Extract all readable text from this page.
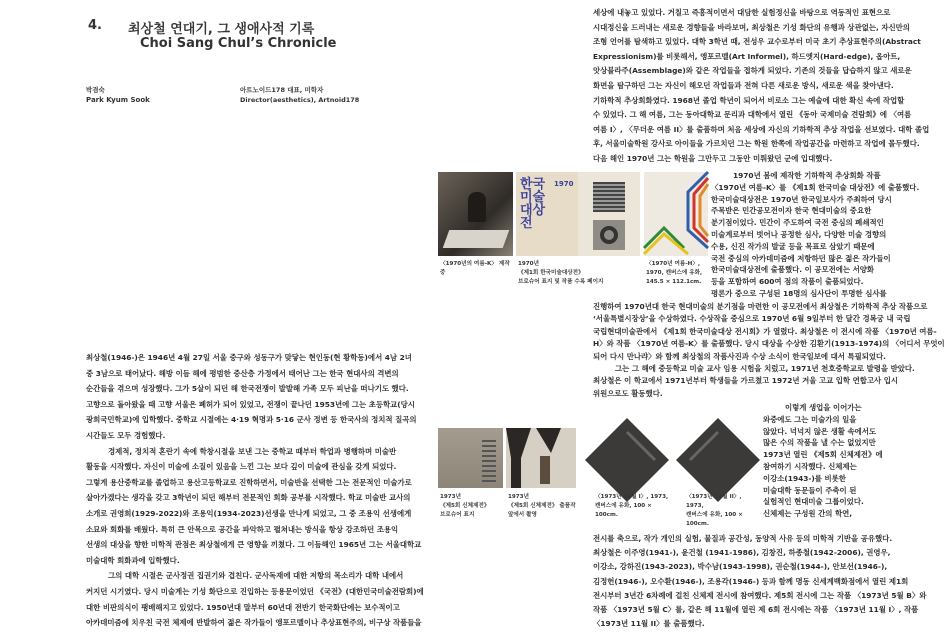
4. 최상철 연대기, 그 생애사적 기록
Choi Sang Chul’s Chronicle
박겸숙
Park Kyum Sook
아트노이드178 대표, 미학자
Director(aesthetics), Artnoid178
최상철(1946-)은 1946년 4월 27일 서울 중구와 성동구가 맞닿는 현인동(현 황학동)에서 4남 2녀
중 3남으로 태어났다. 해방 이듬 해에 평범한 중산층 가정에서 태어난 그는 한국 현대사의 격변의
순간들을 겪으며 성장했다. 그가 5살이 되던 해 한국전쟁이 발발해 가족 모두 피난을 떠나기도 했다.
고향으로 돌아왔을 때 고향 서울은 폐허가 되어 있었고, 전쟁이 끝나던 1953년에 그는 초등학교(당시
광희국민학교)에 입학했다. 중학교 시절에는 4·19 혁명과 5·16 군사 정변 등 한국사의 정치적 질곡의
시간들도 모두 경험했다.
경제적, 정치적 혼란기 속에 학창시절을 보낸 그는 중학교 때부터 학업과 병행하며 미술반
활동을 시작했다. 자신이 미술에 소질이 있음을 느낀 그는 보다 깊이 미술에 관심을 갖게 되었다.
그렇게 용산중학교를 졸업하고 용산고등학교로 진학하면서, 미술반을 선택한 그는 전문적인 미술가로
살아가겠다는 생각을 갖고 3학년이 되던 해부터 전문적인 회화 공부를 시작했다. 학교 미술반 교사의
소개로 권영희(1929-2022)와 조용익(1934-2023)선생을 만나게 되었고, 그 중 조용익 선생에게
소묘와 회화를 배웠다. 특히 큰 안목으로 공간을 파악하고 펼쳐내는 방식을 항상 강조하던 조용익
선생의 대상을 향한 미학적 관점은 최상철에게 큰 영향을 끼쳤다. 그 이듬해인 1965년 그는 서울대학교
미술대학 회화과에 입학했다.
그의 대학 시절은 군사정권 집권기와 겹친다. 군사독재에 대한 저항의 목소리가 대학 내에서
커지던 시기였다. 당시 미술계는 기성 화단으로 진입하는 등용문이었던 《국전》(대한민국미술전람회)에
대한 비판의식이 팽배해지고 있었다. 1950년대 말부터 60년대 전반기 한국화단에는 보수적이고
아카데미즘에 치우친 국전 체제에 반발하여 젊은 작가들이 앵포르멜이나 추상표현주의, 비구상 작품들을
세상에 내놓고 있었다. 거칠고 즉흥적이면서 대담한 실험정신을 바탕으로 역동적인 표현으로
시대정신을 드러내는 새로운 경향들을 바라보며, 최상철은 기성 화단의 유행과 상관없는, 자신만의
조형 언어를 탐색하고 있었다. 대학 3학년 때, 전성우 교수로부터 미국 초기 추상표현주의(Abstract
Expressionism)를 비롯해서, 앵포르멜(Art Informel), 하드엣지(Hard-edge), 옵아트,
앗상블라주(Assemblage)와 같은 작업들을 접하게 되었다. 기존의 것들을 답습하지 않고 새로운
화면을 탐구하던 그는 자신이 해오던 작업들과 전혀 다른 새로운 방식, 새로운 색을 찾아낸다.
기하학적 추상회화였다. 1968년 졸업 학년이 되어서 비로소 그는 예술에 대한 확신 속에 작업할
수 있었다. 그 해 여름, 그는 동아대학교 문리과 대학에서 열린 《동아 국제미술 견람회》에 〈여름
여름 I〉, 〈무더운 여름 II〉를 출품하며 처음 세상에 자신의 기하학적 추상 작업을 선보였다. 대학 졸업
후, 서울미술학원 강사로 아이들을 가르치던 그는 학원 한쪽에 작업공간을 마련하고 작업에 몰두했다.
다음 해인 1970년 그는 학원을 그만두고 그동안 미뤄왔던 군에 입대했다.
1970년 봄에 제작한 기하학적 추상회화 작품
〈1970년 여름-K〉를 《제1회 한국미술 대상전》에 출품했다.
한국미술대상전은 1970년 한국일보사가 주최하여 당시
주목받은 민간공모전이자 한국 현대미술의 중요한
분기점이었다. 민간이 주도하여 국전 중심의 폐쇄적인
미술계로부터 벗어나 공정한 심사, 다양한 미술 경향의
수용, 신진 작가의 발굴 등을 목표로 삼았기 때문에
국전 중심의 아카데미즘에 저항하던 많은 젊은 작가들이
한국미술대상전에 출품했다. 이 공모전에는 서양화
등을 포함하여 600여 점의 작품이 출품되었다.
평론가 중으로 구성된 18명의 심사단이 투명한 심사를
진행하여 1970년대 한국 현대미술의 분기점을 마련한 이 공모전에서 최상철은 기하학적 추상 작품으로
‘서울특별시장상’을 수상하였다. 수상작을 중심으로 1970년 6월 9일부터 한 달간 경복궁 내 국립
국립현대미술관에서 《제1회 한국미술대상 전시회》가 열렸다. 최상철은 이 전시에 작품 〈1970년 여름-
H〉와 작품 〈1970년 여름-K〉를 출품했다. 당시 대상을 수상한 김환기(1913-1974)의 〈어디서 무엇이
되어 다시 만나랴〉와 함께 최상철의 작품사진과 수상 소식이 한국일보에 대서 특필되었다.
그는 그 해에 중등학교 미술 교사 임용 시험을 치렀고, 1971년 천호중학교로 발령을 받았다.
최상철은 이 학교에서 1971년부터 학생들을 가르쳤고 1972년 겨울 고교 입학 연합고사 입시
위원으로도 활동했다.
이렇게 생업을 이어가는
와중에도 그는 미술가의 일을
않았다. 넉넉지 않은 생활 속에서도
많은 수의 작품을 낼 수는 없었지만
1973년 열린 《제5회 신체제전》에
참여하기 시작했다. 신체제는
이강소(1943-)를 비롯한
미술대학 동문들이 주축이 된
실험적인 현대미술 그룹이었다.
신체제는 구성원 간의 학연,
전시를 축으로, 작가 개인의 실험, 물질과 공간성, 동양적 사유 등의 미학적 기반을 공유했다.
최상철은 이주영(1941-), 윤건철 (1941-1986), 김창진, 하종철(1942-2006), 권영우,
이강소, 강하진(1943-2023), 박수남(1943-1998), 권순철(1944-), 안보선(1946-),
김정헌(1946-), 오수환(1946-), 조용각(1946-) 등과 함께 명동 신세계백화점에서 열린 제1회
전시부터 3년간 6차례에 걸친 신체제 전시에 참여했다. 제5회 전시에 그는 작품 〈1973년 5월 B〉와
작품 〈1973년 5월 C〉를, 같은 해 11월에 열린 제 6회 전시에는 작품 〈1973년 11월 I〉, 작품
〈1973년 11월 II〉를 출품했다.
한국미술대상전
1970
〈1970년의 여름-K〉 제작 중
1970년
《제1회 한국미술대상전》
브로슈어 표지 및 작품 수록 페이지
〈1970년 여름-H〉,
1970, 캔버스에 유화,
145.5 × 112.1cm.
1973년
《제5회 신체제전》
브로슈어 표지
1973년
《제5회 신체제전》 출품작 앞에서 촬영
〈1973년 11월 I〉, 1973,
캔버스에 유화, 100 × 100cm.
〈1973년 11월 II〉, 1973,
캔버스에 유화, 100 × 100cm.
